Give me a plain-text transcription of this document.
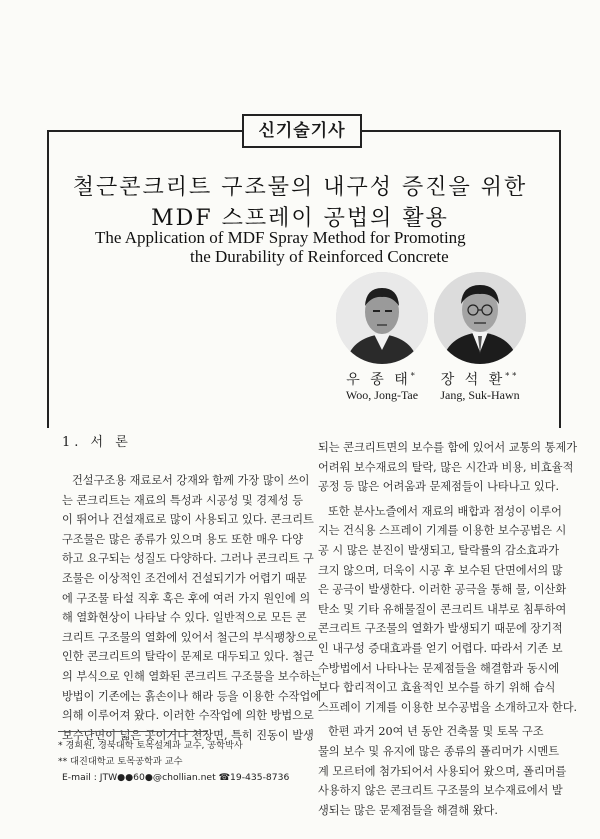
신기술기사
철근콘크리트 구조물의 내구성 증진을 위한
MDF 스프레이 공법의 활용
The Application of MDF Spray Method for Promoting
the Durability of Reinforced Concrete
우 종 태*
Woo, Jong-Tae
장 석 환**
Jang, Suk-Hawn
1. 서 론
건설구조용 재료로서 강재와 함께 가장 많이 쓰이
는 콘크리트는 재료의 특성과 시공성 및 경제성 등
이 뛰어나 건설재료로 많이 사용되고 있다. 콘크리트
구조물은 많은 종류가 있으며 용도 또한 매우 다양
하고 요구되는 성질도 다양하다. 그러나 콘크리트 구
조물은 이상적인 조건에서 건설되기가 어렵기 때문
에 구조물 타설 직후 혹은 후에 여러 가지 원인에 의
해 열화현상이 나타날 수 있다. 일반적으로 모든 콘
크리트 구조물의 열화에 있어서 철근의 부식팽창으로
인한 콘크리트의 탈락이 문제로 대두되고 있다. 철근
의 부식으로 인해 열화된 콘크리트 구조물을 보수하는
방법이 기존에는 흙손이나 해라 등을 이용한 수작업에
의해 이루어져 왔다. 이러한 수작업에 의한 방법으로
보수단면이 넓은 곳이거나 천장면, 특히 진동이 발생
되는 콘크리트면의 보수를 함에 있어서 교통의 통제가
어려워 보수재료의 탈락, 많은 시간과 비용, 비효율적
공정 등 많은 어려움과 문제점들이 나타나고 있다.
또한 분사노즐에서 재료의 배합과 점성이 이루어
지는 건식용 스프레이 기계를 이용한 보수공법은 시
공 시 많은 분진이 발생되고, 탈락률의 감소효과가
크지 않으며, 더욱이 시공 후 보수된 단면에서의 많
은 공극이 발생한다. 이러한 공극을 통해 물, 이산화
탄소 및 기타 유해물질이 콘크리트 내부로 침투하여
콘크리트 구조물의 열화가 발생되기 때문에 장기적
인 내구성 증대효과를 얻기 어렵다. 따라서 기존 보
수방법에서 나타나는 문제점들을 해결함과 동시에
보다 합리적이고 효율적인 보수를 하기 위해 습식
스프레이 기계를 이용한 보수공법을 소개하고자 한다.
한편 과거 20여 년 동안 건축물 및 토목 구조
물의 보수 및 유지에 많은 종류의 폴리머가 시멘트
계 모르터에 첨가되어서 사용되어 왔으며, 폴리머를
사용하지 않은 콘크리트 구조물의 보수재료에서 발
생되는 많은 문제점들을 해결해 왔다.
* 경희원, 경북대학 토목설계과 교수, 공학박사
** 대진대학교 토목공학과 교수
E-mail : JTW●●60●@chollian.net ☎19-435-8736
